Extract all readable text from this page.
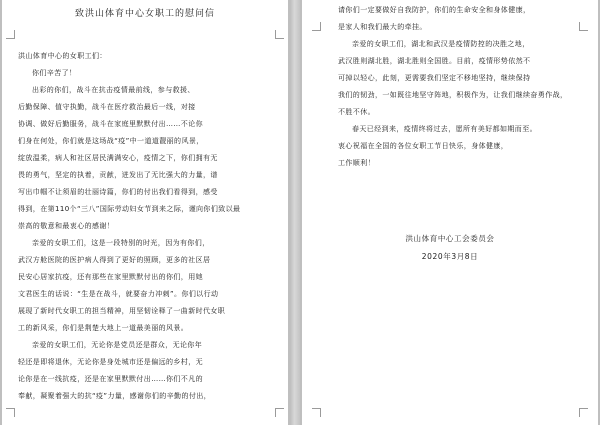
致洪山体育中心女职工的慰问信
洪山体育中心的女职工们：
你们辛苦了！
出彩的你们，战斗在抗击疫情最前线，参与救援、
后勤保障、值守执勤，战斗在医疗救治最后一线，对接
协调、做好后勤服务，战斗在家庭里默默付出……不论你
们身在何处，你们就是这场战“疫”中一道道靓丽的风景，
绽放温柔，病人和社区居民满满安心，疫情之下，你们拥有无
畏的勇气，坚定的执着，贡献，迸发出了无比强大的力量，谱
写出巾帼不让须眉的壮丽诗篇，你们的付出我们看得到，感受
得到，在第110个“三八”国际劳动妇女节到来之际，谨向你们致以最
崇高的敬意和最衷心的感谢！
亲爱的女职工们，这是一段特别的时光，因为有你们，
武汉方舱医院的医护病人得到了更好的照顾，更多的社区居
民安心居家抗疫，还有那些在家里默默付出的你们，用她
文君医生的话说：“生是在战斗，就要奋力冲刺”。你们以行动
展现了新时代女职工的担当精神，用坚韧诠释了一曲新时代女职
工的新风采，你们是荆楚大地上一道最美丽的风景。
亲爱的女职工们，无论你是党员还是群众，无论你年
轻还是即将退休，无论你是身处城市还是偏远的乡村，无
论你是在一线抗疫，还是在家里默默付出……你们不凡的
奉献，凝聚着强大的抗“疫”力量，感谢你们的辛勤的付出，
请你们一定要做好自我防护，你们的生命安全和身体健康，
是家人和我们最大的牵挂。
亲爱的女职工们，湖北和武汉是疫情防控的决胜之地，
武汉胜则湖北胜，湖北胜则全国胜。目前，疫情形势依然不
可掉以轻心，此刻，更需要我们坚定不移地坚持，继续保持
我们的韧劲，一如既往地坚守阵地，积极作为，让我们继续奋勇作战，
不胜不休。
春天已经到来，疫情终将过去，愿所有美好都如期而至。
衷心祝福在全国的各位女职工节日快乐，身体健康，
工作顺利！
洪山体育中心工会委员会
2020年3月8日
